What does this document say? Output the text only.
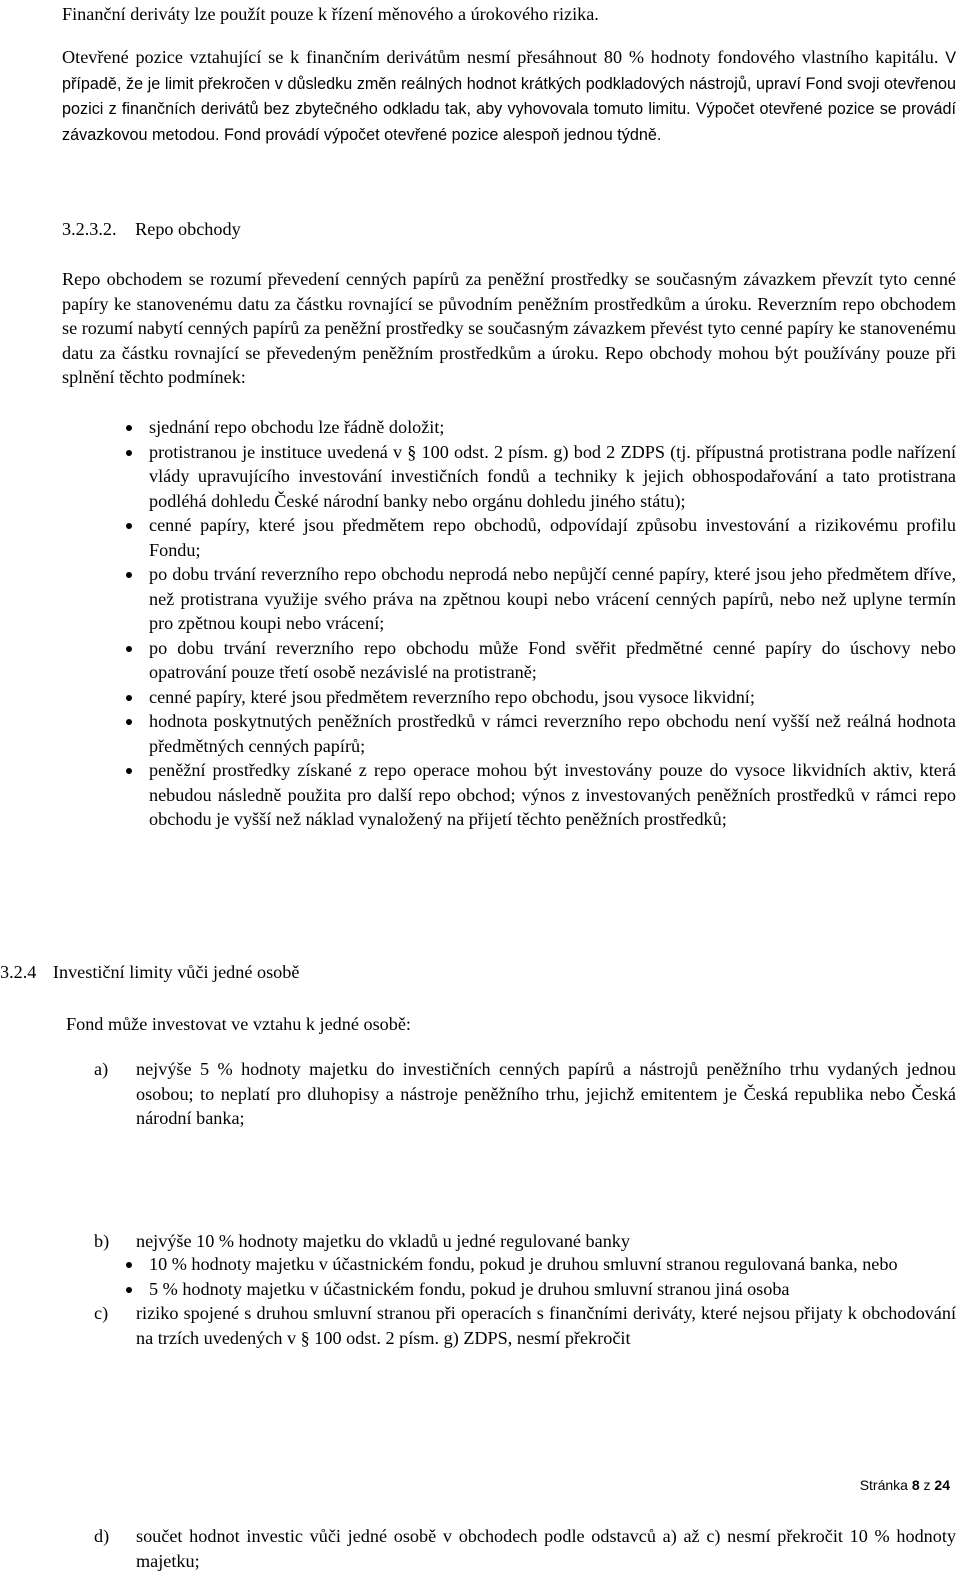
Finanční deriváty lze použít pouze k řízení měnového a úrokového rizika.

Otevřené pozice vztahující se k finančním derivátům nesmí přesáhnout 80 % hodnoty fondového vlastního kapitálu. V případě, že je limit překročen v důsledku změn reálných hodnot krátkých podkladových nástrojů, upraví Fond svoji otevřenou pozici z finančních derivátů bez zbytečného odkladu tak, aby vyhovovala tomuto limitu. Výpočet otevřené pozice se provádí závazkovou metodou. Fond provádí výpočet otevřené pozice alespoň jednou týdně.

3.2.3.2. Repo obchody

Repo obchodem se rozumí převedení cenných papírů za peněžní prostředky se současným závazkem převzít tyto cenné papíry ke stanovenému datu za částku rovnající se původním peněžním prostředkům a úroku. Reverzním repo obchodem se rozumí nabytí cenných papírů za peněžní prostředky se současným závazkem převést tyto cenné papíry ke stanovenému datu za částku rovnající se převedeným peněžním prostředkům a úroku. Repo obchody mohou být používány pouze při splnění těchto podmínek:

sjednání repo obchodu lze řádně doložit;
protistranou je instituce uvedená v § 100 odst. 2 písm. g) bod 2 ZDPS (tj. přípustná protistrana podle nařízení vlády upravujícího investování investičních fondů a techniky k jejich obhospodařování a tato protistrana podléhá dohledu České národní banky nebo orgánu dohledu jiného státu);
cenné papíry, které jsou předmětem repo obchodů, odpovídají způsobu investování a rizikovému profilu Fondu;
po dobu trvání reverzního repo obchodu neprodá nebo nepůjčí cenné papíry, které jsou jeho předmětem dříve, než protistrana využije svého práva na zpětnou koupi nebo vrácení cenných papírů, nebo než uplyne termín pro zpětnou koupi nebo vrácení;
po dobu trvání reverzního repo obchodu může Fond svěřit předmětné cenné papíry do úschovy nebo opatrování pouze třetí osobě nezávislé na protistraně;
cenné papíry, které jsou předmětem reverzního repo obchodu, jsou vysoce likvidní;
hodnota poskytnutých peněžních prostředků v rámci reverzního repo obchodu není vyšší než reálná hodnota předmětných cenných papírů;
peněžní prostředky získané z repo operace mohou být investovány pouze do vysoce likvidních aktiv, která nebudou následně použita pro další repo obchod; výnos z investovaných peněžních prostředků v rámci repo obchodu je vyšší než náklad vynaložený na přijetí těchto peněžních prostředků;
3.2.4 Investiční limity vůči jedné osobě

Fond může investovat ve vztahu k jedné osobě:

a) nejvýše 5 % hodnoty majetku do investičních cenných papírů a nástrojů peněžního trhu vydaných jednou osobou; to neplatí pro dluhopisy a nástroje peněžního trhu, jejichž emitentem je Česká republika nebo Česká národní banka;
b) nejvýše 10 % hodnoty majetku do vkladů u jedné regulované banky
c) riziko spojené s druhou smluvní stranou při operacích s finančními deriváty, které nejsou přijaty k obchodování na trzích uvedených v § 100 odst. 2 písm. g) ZDPS, nesmí překročit
10 % hodnoty majetku v účastnickém fondu, pokud je druhou smluvní stranou regulovaná banka, nebo
5 % hodnoty majetku v účastnickém fondu, pokud je druhou smluvní stranou jiná osoba
d) součet hodnot investic vůči jedné osobě v obchodech podle odstavců a) až c) nesmí překročit 10 % hodnoty majetku;
Stránka 8 z 24
